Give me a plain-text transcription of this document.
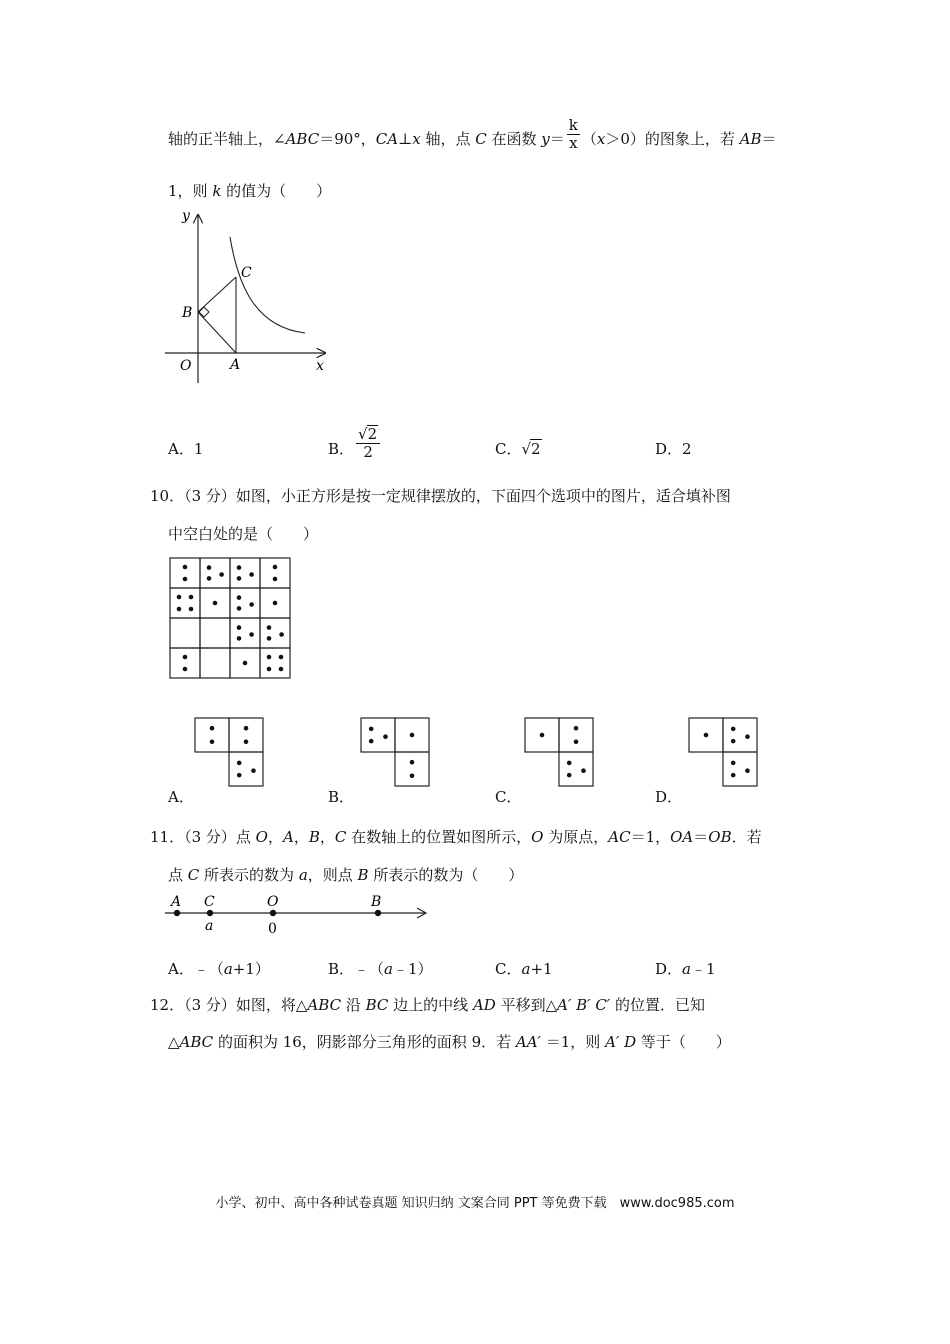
轴的正半轴上，∠ABC＝90°，CA⊥x 轴，点 C 在函数 $y= \frac{k}{x} (x>0)$的图象上，若 AB＝
1，则 k 的值为（　　）
y
x
O	A
B
C
A．1	B． $\frac{√2}{2}$	C．√2	D．2
10．（3 分）如图，小正方形是按一定规律摆放的，下面四个选项中的图片，适合填补图
中空白处的是（　　）
A．	B．	C．	D．
11．（3 分）点 O，A，B，C 在数轴上的位置如图所示，O 为原点，AC＝1，OA＝OB．若
点 C 所表示的数为 a，则点 B 所表示的数为（　　）
A C	O	B
a	0
A．﹣（a+1）	B．﹣（a﹣1）	C．a+1	D．a﹣1
12．（3 分）如图，将△ABC 沿 BC 边上的中线 AD 平移到△A′ B′ C′ 的位置．已知
△ABC 的面积为 16，阴影部分三角形的面积 9．若 AA′ ＝1，则 A′ D 等于（　　）
小学、初中、高中各种试卷真题 知识归纳 文案合同 PPT 等免费下载　www.doc985.com
